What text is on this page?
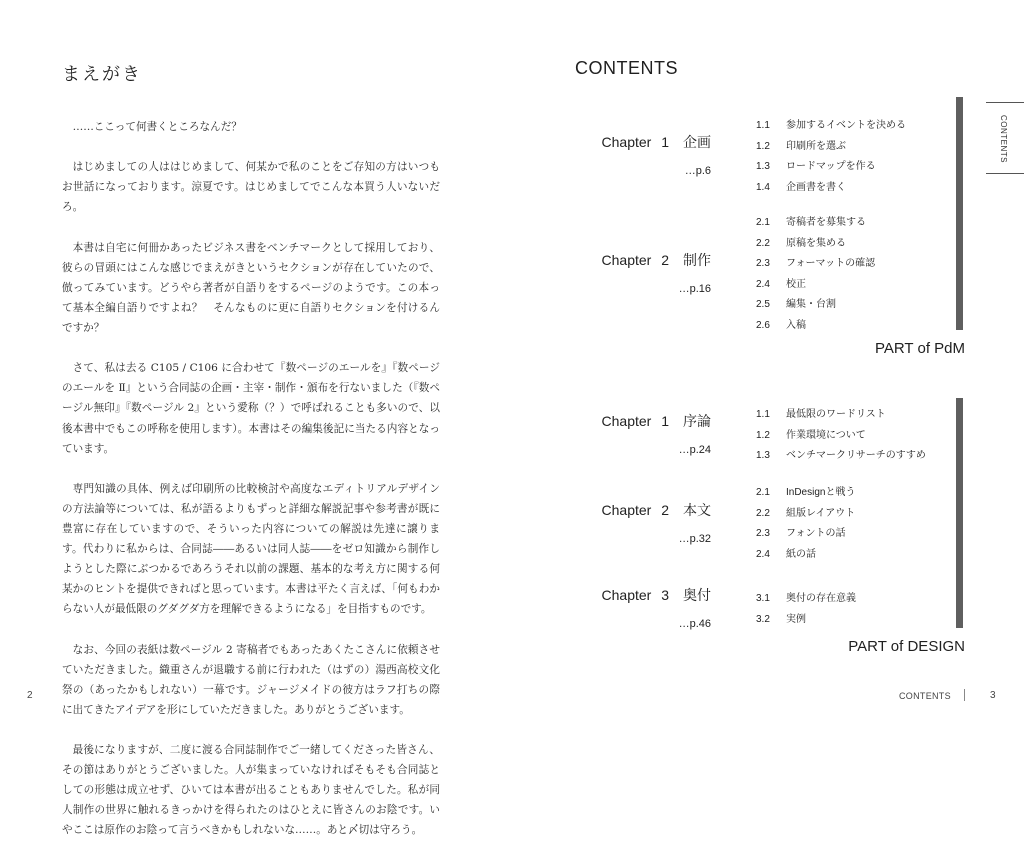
まえがき

……ここって何書くところなんだ？

はじめましての人ははじめまして、何某かで私のことをご存知の方はいつもお世話になっております。涼夏です。はじめましてでこんな本買う人いないだろ。

本書は自宅に何冊かあったビジネス書をベンチマークとして採用しており、彼らの冒頭にはこんな感じでまえがきというセクションが存在していたので、倣ってみています。どうやら著者が自語りをするページのようです。この本って基本全編自語りですよね？　そんなものに更に自語りセクションを付けるんですか？

さて、私は去る C105 / C106 に合わせて『数ページのエールを』『数ページのエールを Ⅱ』という合同誌の企画・主宰・制作・頒布を行ないました（『数ページル無印』『数ページル 2』という愛称（？）で呼ばれることも多いので、以後本書中でもこの呼称を使用します）。本書はその編集後記に当たる内容となっています。

専門知識の具体、例えば印刷所の比較検討や高度なエディトリアルデザインの方法論等については、私が語るよりもずっと詳細な解説記事や参考書が既に豊富に存在していますので、そういった内容についての解説は先達に譲ります。代わりに私からは、合同誌――あるいは同人誌――をゼロ知識から制作しようとした際にぶつかるであろうそれ以前の課題、基本的な考え方に関する何某かのヒントを提供できればと思っています。本書は平たく言えば、「何もわからない人が最低限のグダグダ方を理解できるようになる」を目指すものです。

なお、今回の表紙は数ページル 2 寄稿者でもあったあくたこさんに依頼させていただきました。織重さんが退職する前に行われた（はずの）湯西高校文化祭の（あったかもしれない）一幕です。ジャージメイドの彼方はラフ打ちの際に出てきたアイデアを形にしていただきました。ありがとうございます。

最後になりますが、二度に渡る合同誌制作でご一緒してくださった皆さん、その節はありがとうございました。人が集まっていなければそもそも合同誌としての形態は成立せず、ひいては本書が出ることもありませんでした。私が同人制作の世界に触れるきっかけを得られたのはひとえに皆さんのお陰です。いやここは原作のお陰って言うべきかもしれないな……。あと〆切は守ろう。

2
CONTENTS
Chapter 1　企画
…p.6
1.1 参加するイベントを決める
1.2 印刷所を選ぶ
1.3 ロードマップを作る
1.4 企画書を書く
Chapter 2　制作
…p.16
2.1 寄稿者を募集する
2.2 原稿を集める
2.3 フォーマットの確認
2.4 校正
2.5 編集・台割
2.6 入稿
PART of PdM
Chapter 1　序論
…p.24
1.1 最低限のワードリスト
1.2 作業環境について
1.3 ベンチマークリサーチのすすめ
Chapter 2　本文
…p.32
2.1 InDesignと戦う
2.2 組版レイアウト
2.3 フォントの話
2.4 紙の話
Chapter 3　奥付
…p.46
3.1 奥付の存在意義
3.2 実例
PART of DESIGN
CONTENTS
CONTENTS	3
